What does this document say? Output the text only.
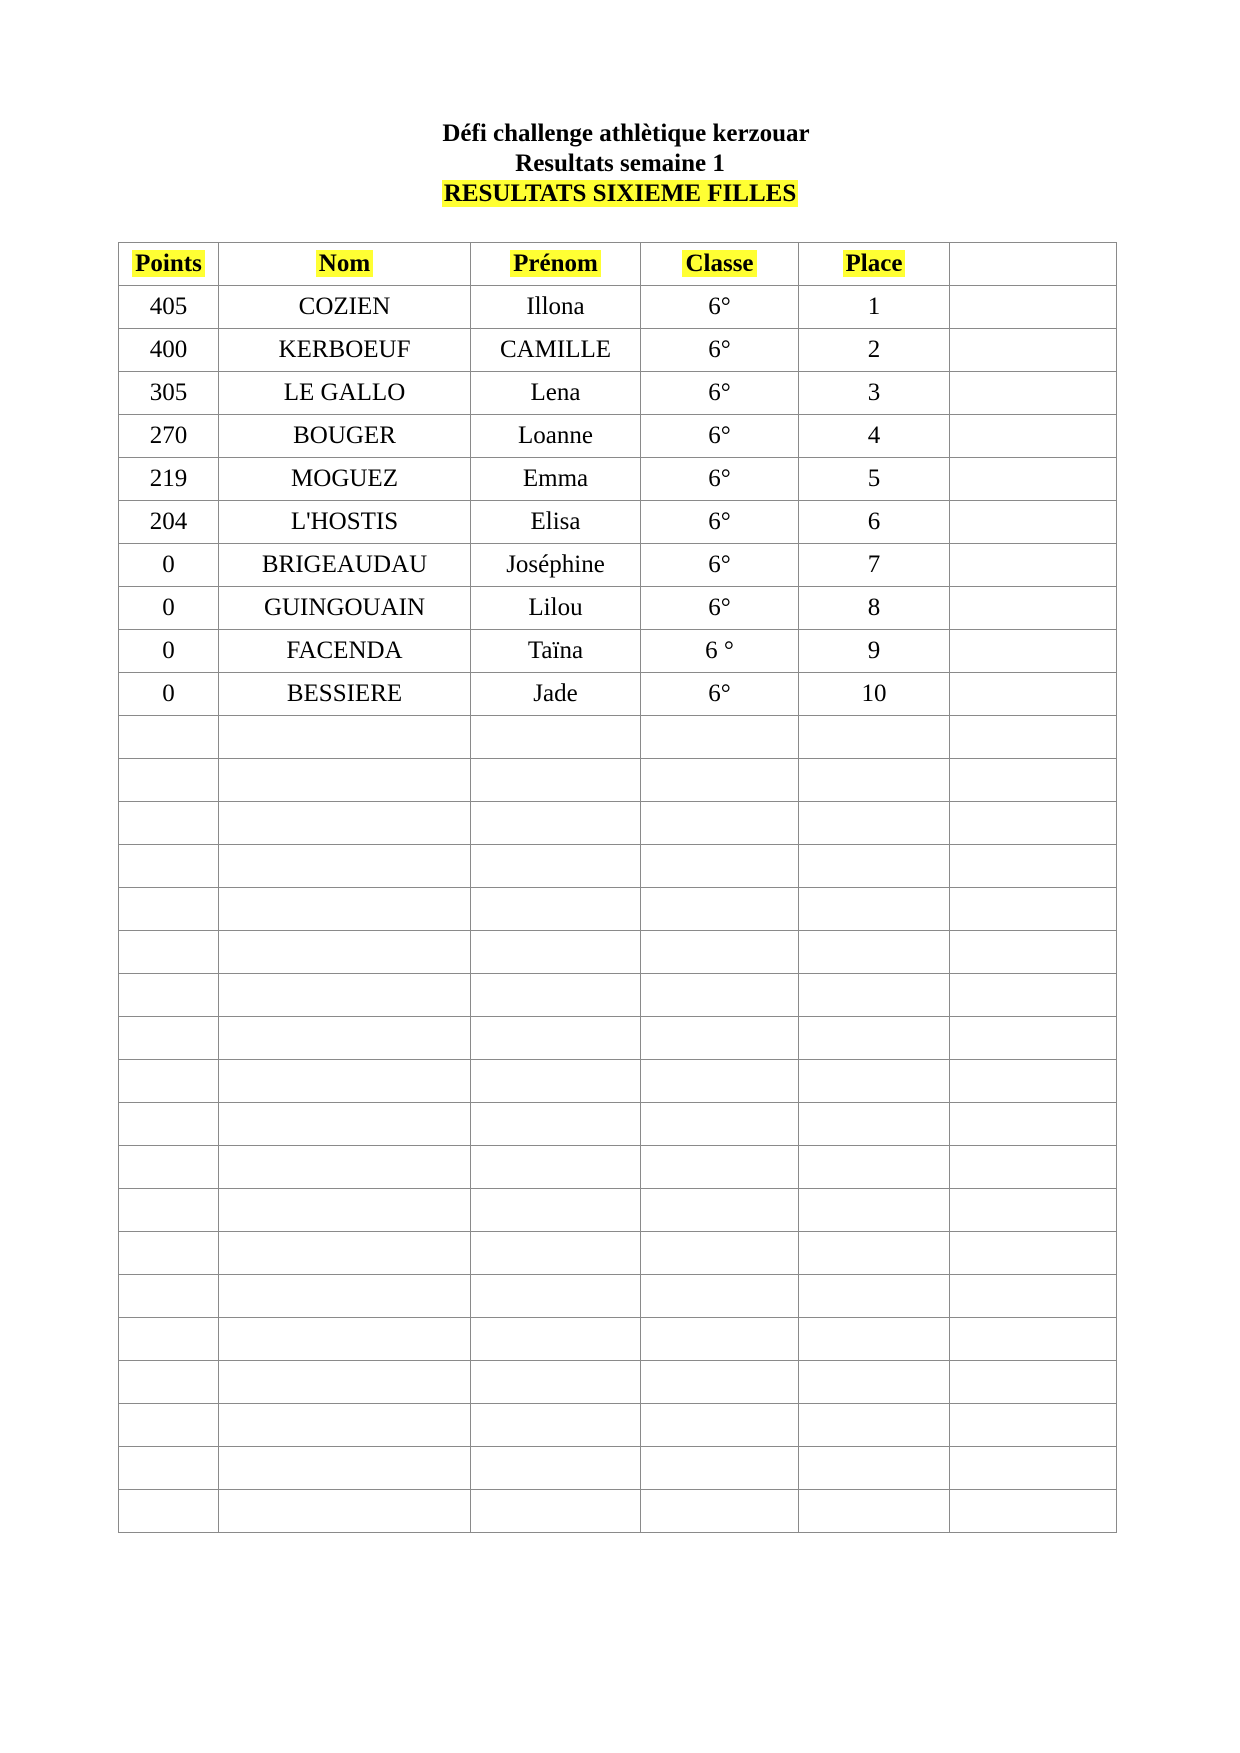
Défi challenge athlètique kerzouar
Resultats semaine 1
RESULTATS SIXIEME FILLES
Points	Nom	Prénom	Classe	Place	
405	COZIEN	Illona	6°	1	
400	KERBOEUF	CAMILLE	6°	2	
305	LE GALLO	Lena	6°	3	
270	BOUGER	Loanne	6°	4	
219	MOGUEZ	Emma	6°	5	
204	L'HOSTIS	Elisa	6°	6	
0	BRIGEAUDAU	Joséphine	6°	7	
0	GUINGOUAIN	Lilou	6°	8	
0	FACENDA	Taïna	6 °	9	
0	BESSIERE	Jade	6°	10	
